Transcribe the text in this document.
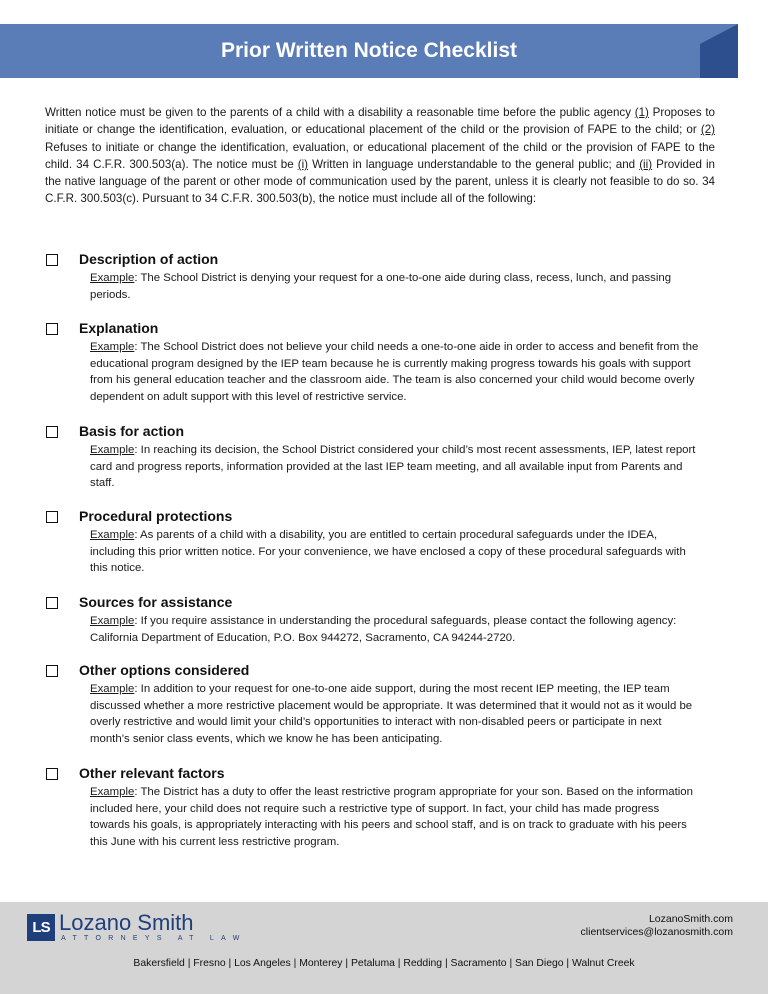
Prior Written Notice Checklist
Written notice must be given to the parents of a child with a disability a reasonable time before the public agency (1) Proposes to initiate or change the identification, evaluation, or educational placement of the child or the provision of FAPE to the child; or (2) Refuses to initiate or change the identification, evaluation, or educational placement of the child or the provision of FAPE to the child. 34 C.F.R. 300.503(a). The notice must be (i) Written in language understandable to the general public; and (ii) Provided in the native language of the parent or other mode of communication used by the parent, unless it is clearly not feasible to do so. 34 C.F.R. 300.503(c). Pursuant to 34 C.F.R. 300.503(b), the notice must include all of the following:
Description of action
Example: The School District is denying your request for a one-to-one aide during class, recess, lunch, and passing periods.
Explanation
Example: The School District does not believe your child needs a one-to-one aide in order to access and benefit from the educational program designed by the IEP team because he is currently making progress towards his goals with support from his general education teacher and the classroom aide. The team is also concerned your child would become overly dependent on adult support with this level of restrictive service.
Basis for action
Example: In reaching its decision, the School District considered your child’s most recent assessments, IEP, latest report card and progress reports, information provided at the last IEP team meeting, and all available input from Parents and staff.
Procedural protections
Example: As parents of a child with a disability, you are entitled to certain procedural safeguards under the IDEA, including this prior written notice. For your convenience, we have enclosed a copy of these procedural safeguards with this notice.
Sources for assistance
Example: If you require assistance in understanding the procedural safeguards, please contact the following agency: California Department of Education, P.O. Box 944272, Sacramento, CA 94244-2720.
Other options considered
Example: In addition to your request for one-to-one aide support, during the most recent IEP meeting, the IEP team discussed whether a more restrictive placement would be appropriate. It was determined that it would not as it would be overly restrictive and would limit your child’s opportunities to interact with non-disabled peers or participate in next month’s senior class events, which we know he has been anticipating.
Other relevant factors
Example: The District has a duty to offer the least restrictive program appropriate for your son. Based on the information included here, your child does not require such a restrictive type of support. In fact, your child has made progress towards his goals, is appropriately interacting with his peers and school staff, and is on track to graduate with his peers this June with his current less restrictive program.
LS Lozano Smith
ATTORNEYS AT LAW
LozanoSmith.com
clientservices@lozanosmith.com
Bakersfield | Fresno | Los Angeles | Monterey | Petaluma | Redding | Sacramento | San Diego | Walnut Creek
